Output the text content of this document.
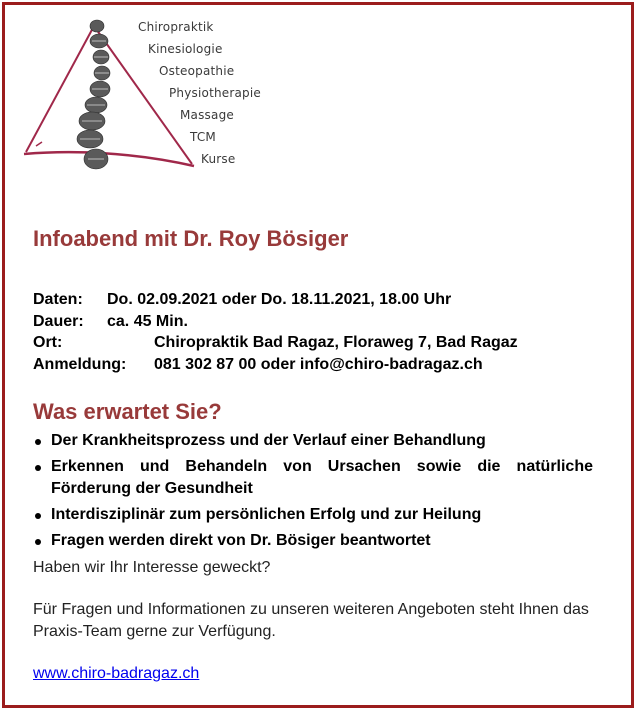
Chiropraktik
Kinesiologie
Osteopathie
Physiotherapie
Massage
TCM
Kurse
Infoabend mit Dr. Roy Bösiger
Daten: Do. 02.09.2021 oder Do. 18.11.2021, 18.00 Uhr
Dauer: ca. 45 Min.
Ort:	Chiropraktik Bad Ragaz, Floraweg 7, Bad Ragaz
Anmeldung: 081 302 87 00 oder info@chiro-badragaz.ch
Was erwartet Sie?
Der Krankheitsprozess und der Verlauf einer Behandlung
Erkennen und Behandeln von Ursachen sowie die natürliche Förderung der Gesundheit
Interdisziplinär zum persönlichen Erfolg und zur Heilung
Fragen werden direkt von Dr. Bösiger beantwortet

Haben wir Ihr Interesse geweckt?

Für Fragen und Informationen zu unseren weiteren Angeboten steht Ihnen das Praxis-Team gerne zur Verfügung.

www.chiro-badragaz.ch
